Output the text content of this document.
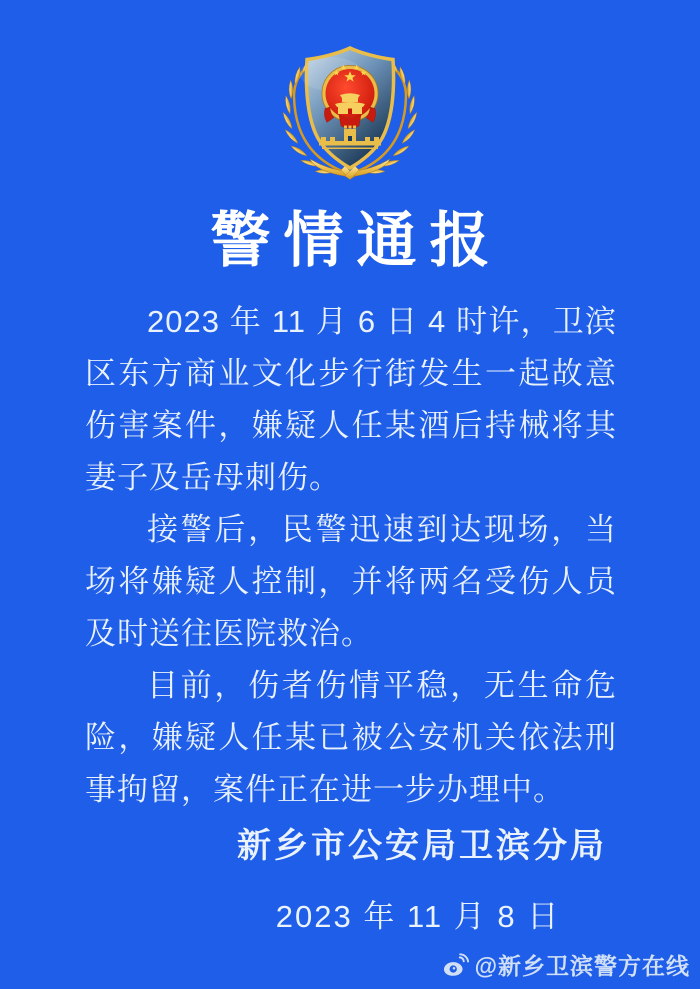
警情通报

2023 年 11 月 6 日 4 时许，卫滨区东方商业文化步行街发生一起故意伤害案件，嫌疑人任某酒后持械将其妻子及岳母刺伤。

接警后，民警迅速到达现场，当场将嫌疑人控制，并将两名受伤人员及时送往医院救治。

目前，伤者伤情平稳，无生命危险，嫌疑人任某已被公安机关依法刑事拘留，案件正在进一步办理中。

新乡市公安局卫滨分局
2023 年 11 月 8 日
@新乡卫滨警方在线
